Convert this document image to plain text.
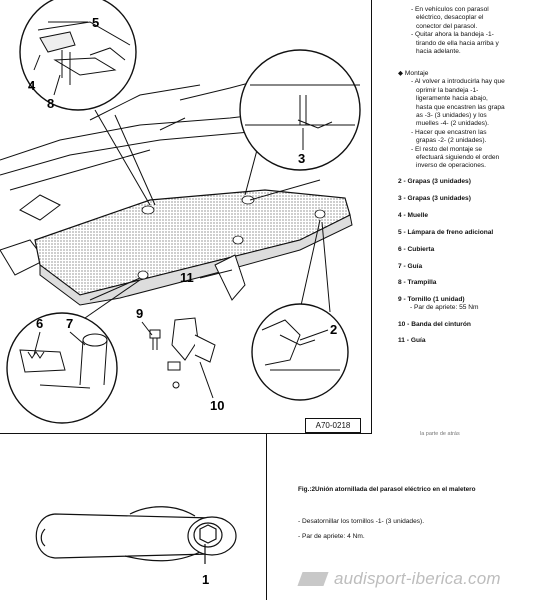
5
4
8
3
11
9
2
6 7
10
A70-0218
- En vehículos con parasol
eléctrico, desacoplar el
conector del parasol.
- Quitar ahora la bandeja -1-
tirando de ella hacia arriba y
hacia adelante.
◆ Montaje
- Al volver a introducirla hay que
oprimir la bandeja -1-
ligeramente hacia abajo,
hasta que encastren las grapa
as -3- (3 unidades) y los
muelles -4- (2 unidades).
- Hacer que encastren las
grapas -2- (2 unidades).
- El resto del montaje se
efectuará siguiendo el orden
inverso de operaciones.
2 - Grapas (3 unidades)
3 - Grapas (3 unidades)
4 - Muelle
5 - Lámpara de freno adicional
6 - Cubierta
7 - Guía
8 - Trampilla
9 - Tornillo (1 unidad)
- Par de apriete: 55 Nm
10 - Banda del cinturón
11 - Guía
la parte de atrás
Fig.:2Unión atornillada del parasol eléctrico en el maletero
- Desatornillar los tornillos -1- (3 unidades).
- Par de apriete: 4 Nm.
1	audisport-iberica.com
